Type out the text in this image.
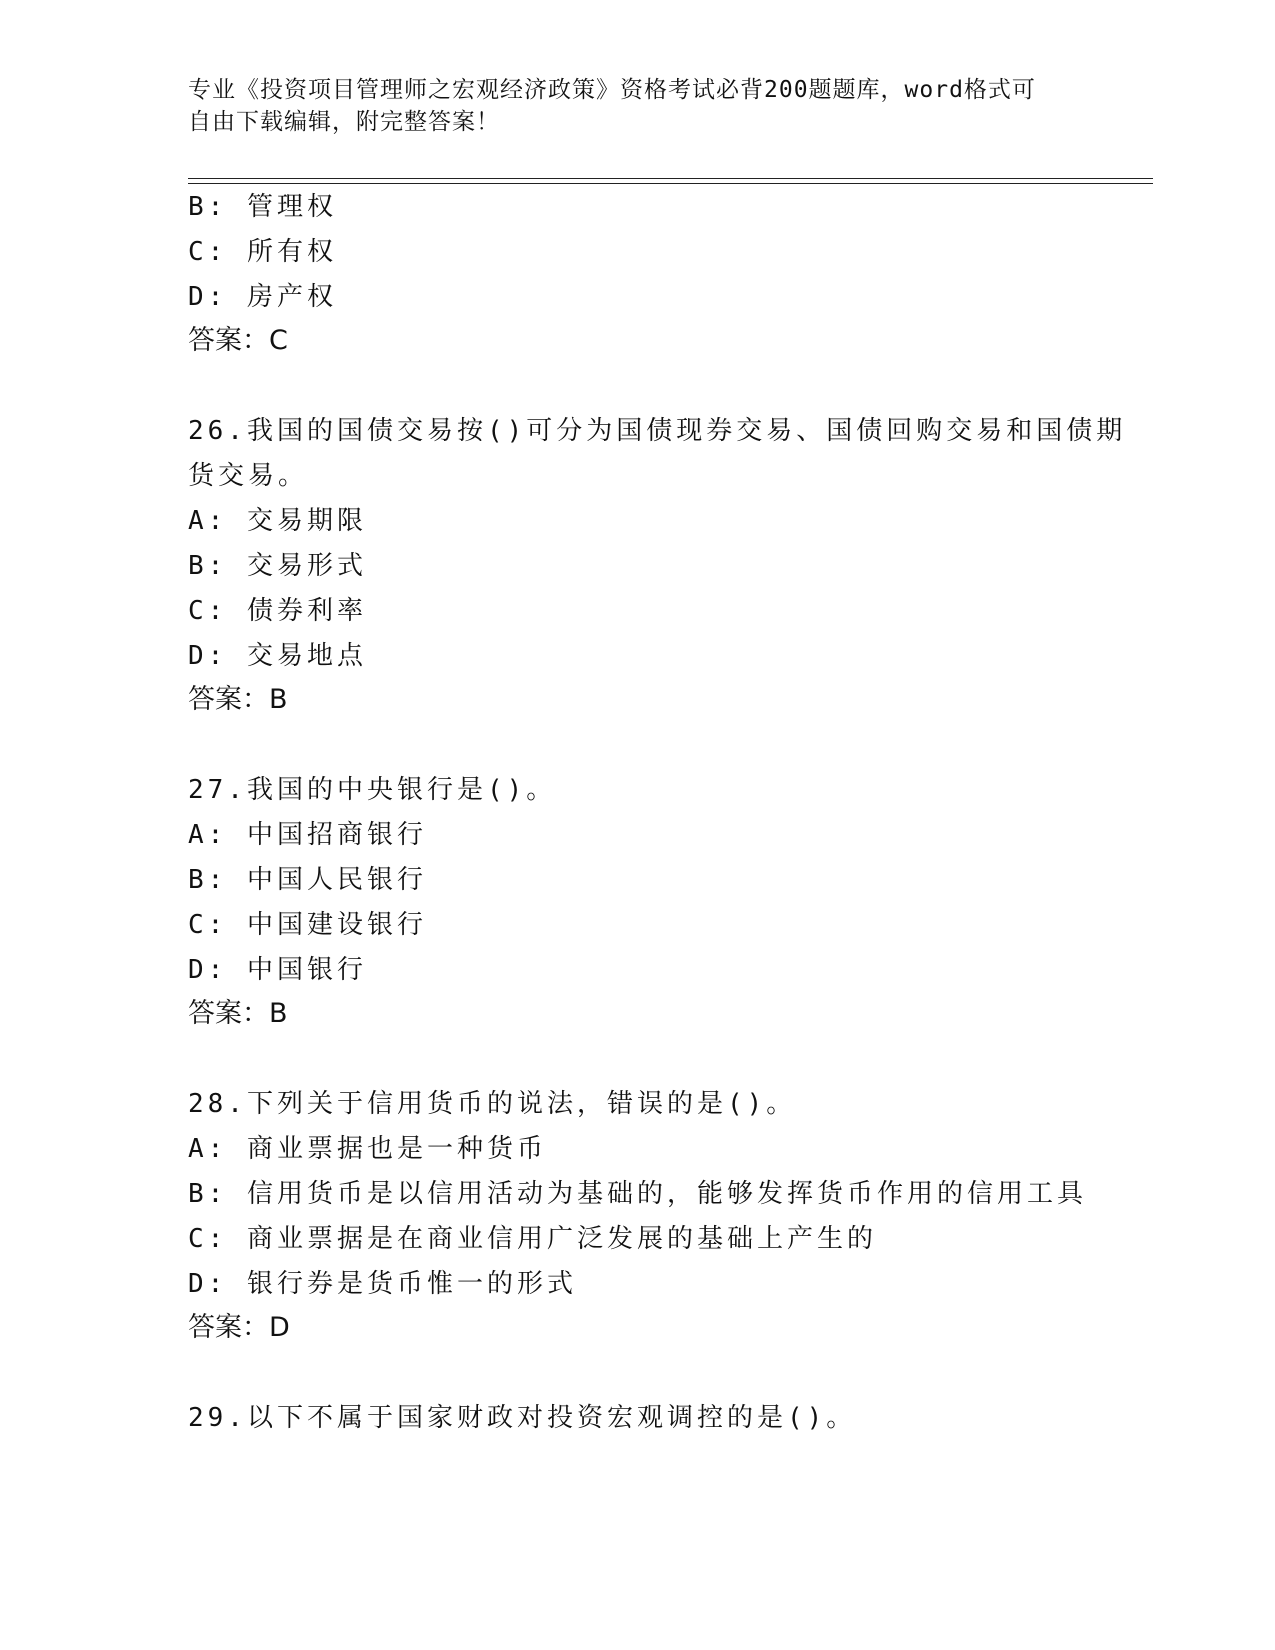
专业《投资项目管理师之宏观经济政策》资格考试必背200题题库，word格式可
自由下载编辑，附完整答案！
B: 管理权
C: 所有权
D: 房产权
答案：C
26.我国的国债交易按()可分为国债现券交易、国债回购交易和国债期
货交易。
A: 交易期限
B: 交易形式
C: 债券利率
D: 交易地点
答案：B
27.我国的中央银行是()。
A: 中国招商银行
B: 中国人民银行
C: 中国建设银行
D: 中国银行
答案：B
28.下列关于信用货币的说法，错误的是()。
A: 商业票据也是一种货币
B: 信用货币是以信用活动为基础的，能够发挥货币作用的信用工具
C: 商业票据是在商业信用广泛发展的基础上产生的
D: 银行券是货币惟一的形式
答案：D
29.以下不属于国家财政对投资宏观调控的是()。
